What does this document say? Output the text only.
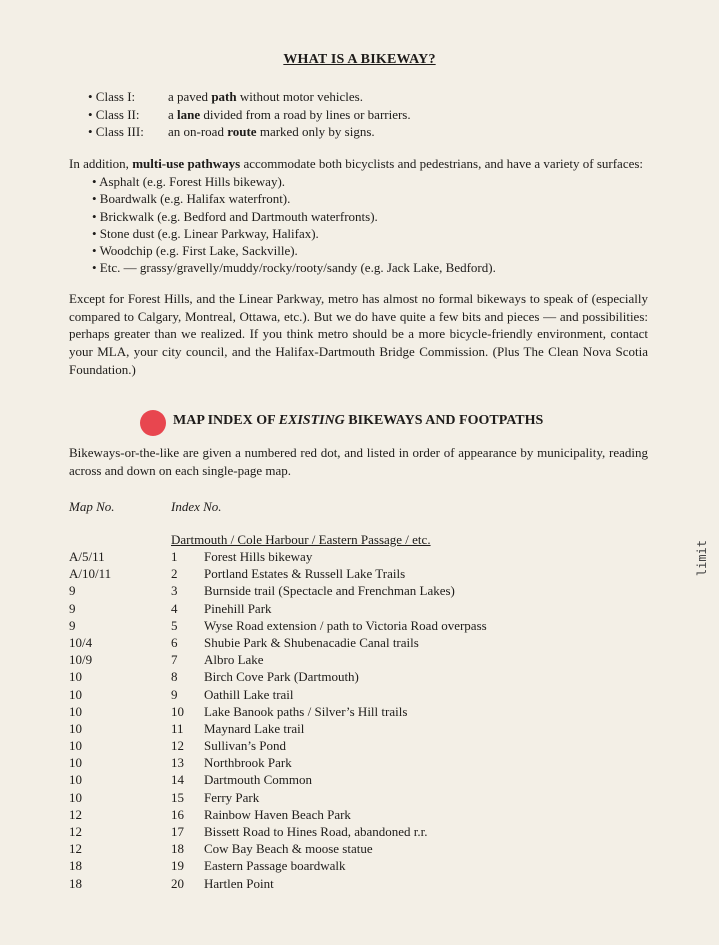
WHAT IS A BIKEWAY?
• Class I:	a paved path without motor vehicles.
• Class II:	a lane divided from a road by lines or barriers.
• Class III:	an on-road route marked only by signs.
In addition, multi-use pathways accommodate both bicyclists and pedestrians, and have a variety of surfaces:
• Asphalt (e.g. Forest Hills bikeway).
• Boardwalk (e.g. Halifax waterfront).
• Brickwalk (e.g. Bedford and Dartmouth waterfronts).
• Stone dust (e.g. Linear Parkway, Halifax).
• Woodchip (e.g. First Lake, Sackville).
• Etc. — grassy/gravelly/muddy/rocky/rooty/sandy (e.g. Jack Lake, Bedford).
Except for Forest Hills, and the Linear Parkway, metro has almost no formal bikeways to speak of (especially compared to Calgary, Montreal, Ottawa, etc.). But we do have quite a few bits and pieces — and possibilities: perhaps greater than we realized. If you think metro should be a more bicycle-friendly environment, contact your MLA, your city council, and the Halifax-Dartmouth Bridge Commission. (Plus The Clean Nova Scotia Foundation.)
MAP INDEX OF EXISTING BIKEWAYS AND FOOTPATHS
Bikeways-or-the-like are given a numbered red dot, and listed in order of appearance by municipality, reading across and down on each single-page map.
Map No.	Index No.
Dartmouth / Cole Harbour / Eastern Passage / etc.
A/5/11	1	Forest Hills bikeway
A/10/11	2	Portland Estates & Russell Lake Trails
9	3	Burnside trail (Spectacle and Frenchman Lakes)
9	4	Pinehill Park
9	5	Wyse Road extension / path to Victoria Road overpass
10/4	6	Shubie Park & Shubenacadie Canal trails
10/9	7	Albro Lake
10	8	Birch Cove Park (Dartmouth)
10	9	Oathill Lake trail
10	10	Lake Banook paths / Silver’s Hill trails
10	11	Maynard Lake trail
10	12	Sullivan’s Pond
10	13	Northbrook Park
10	14	Dartmouth Common
10	15	Ferry Park
12	16	Rainbow Haven Beach Park
12	17	Bissett Road to Hines Road, abandoned r.r.
12	18	Cow Bay Beach & moose statue
18	19	Eastern Passage boardwalk
18	20	Hartlen Point
limit
